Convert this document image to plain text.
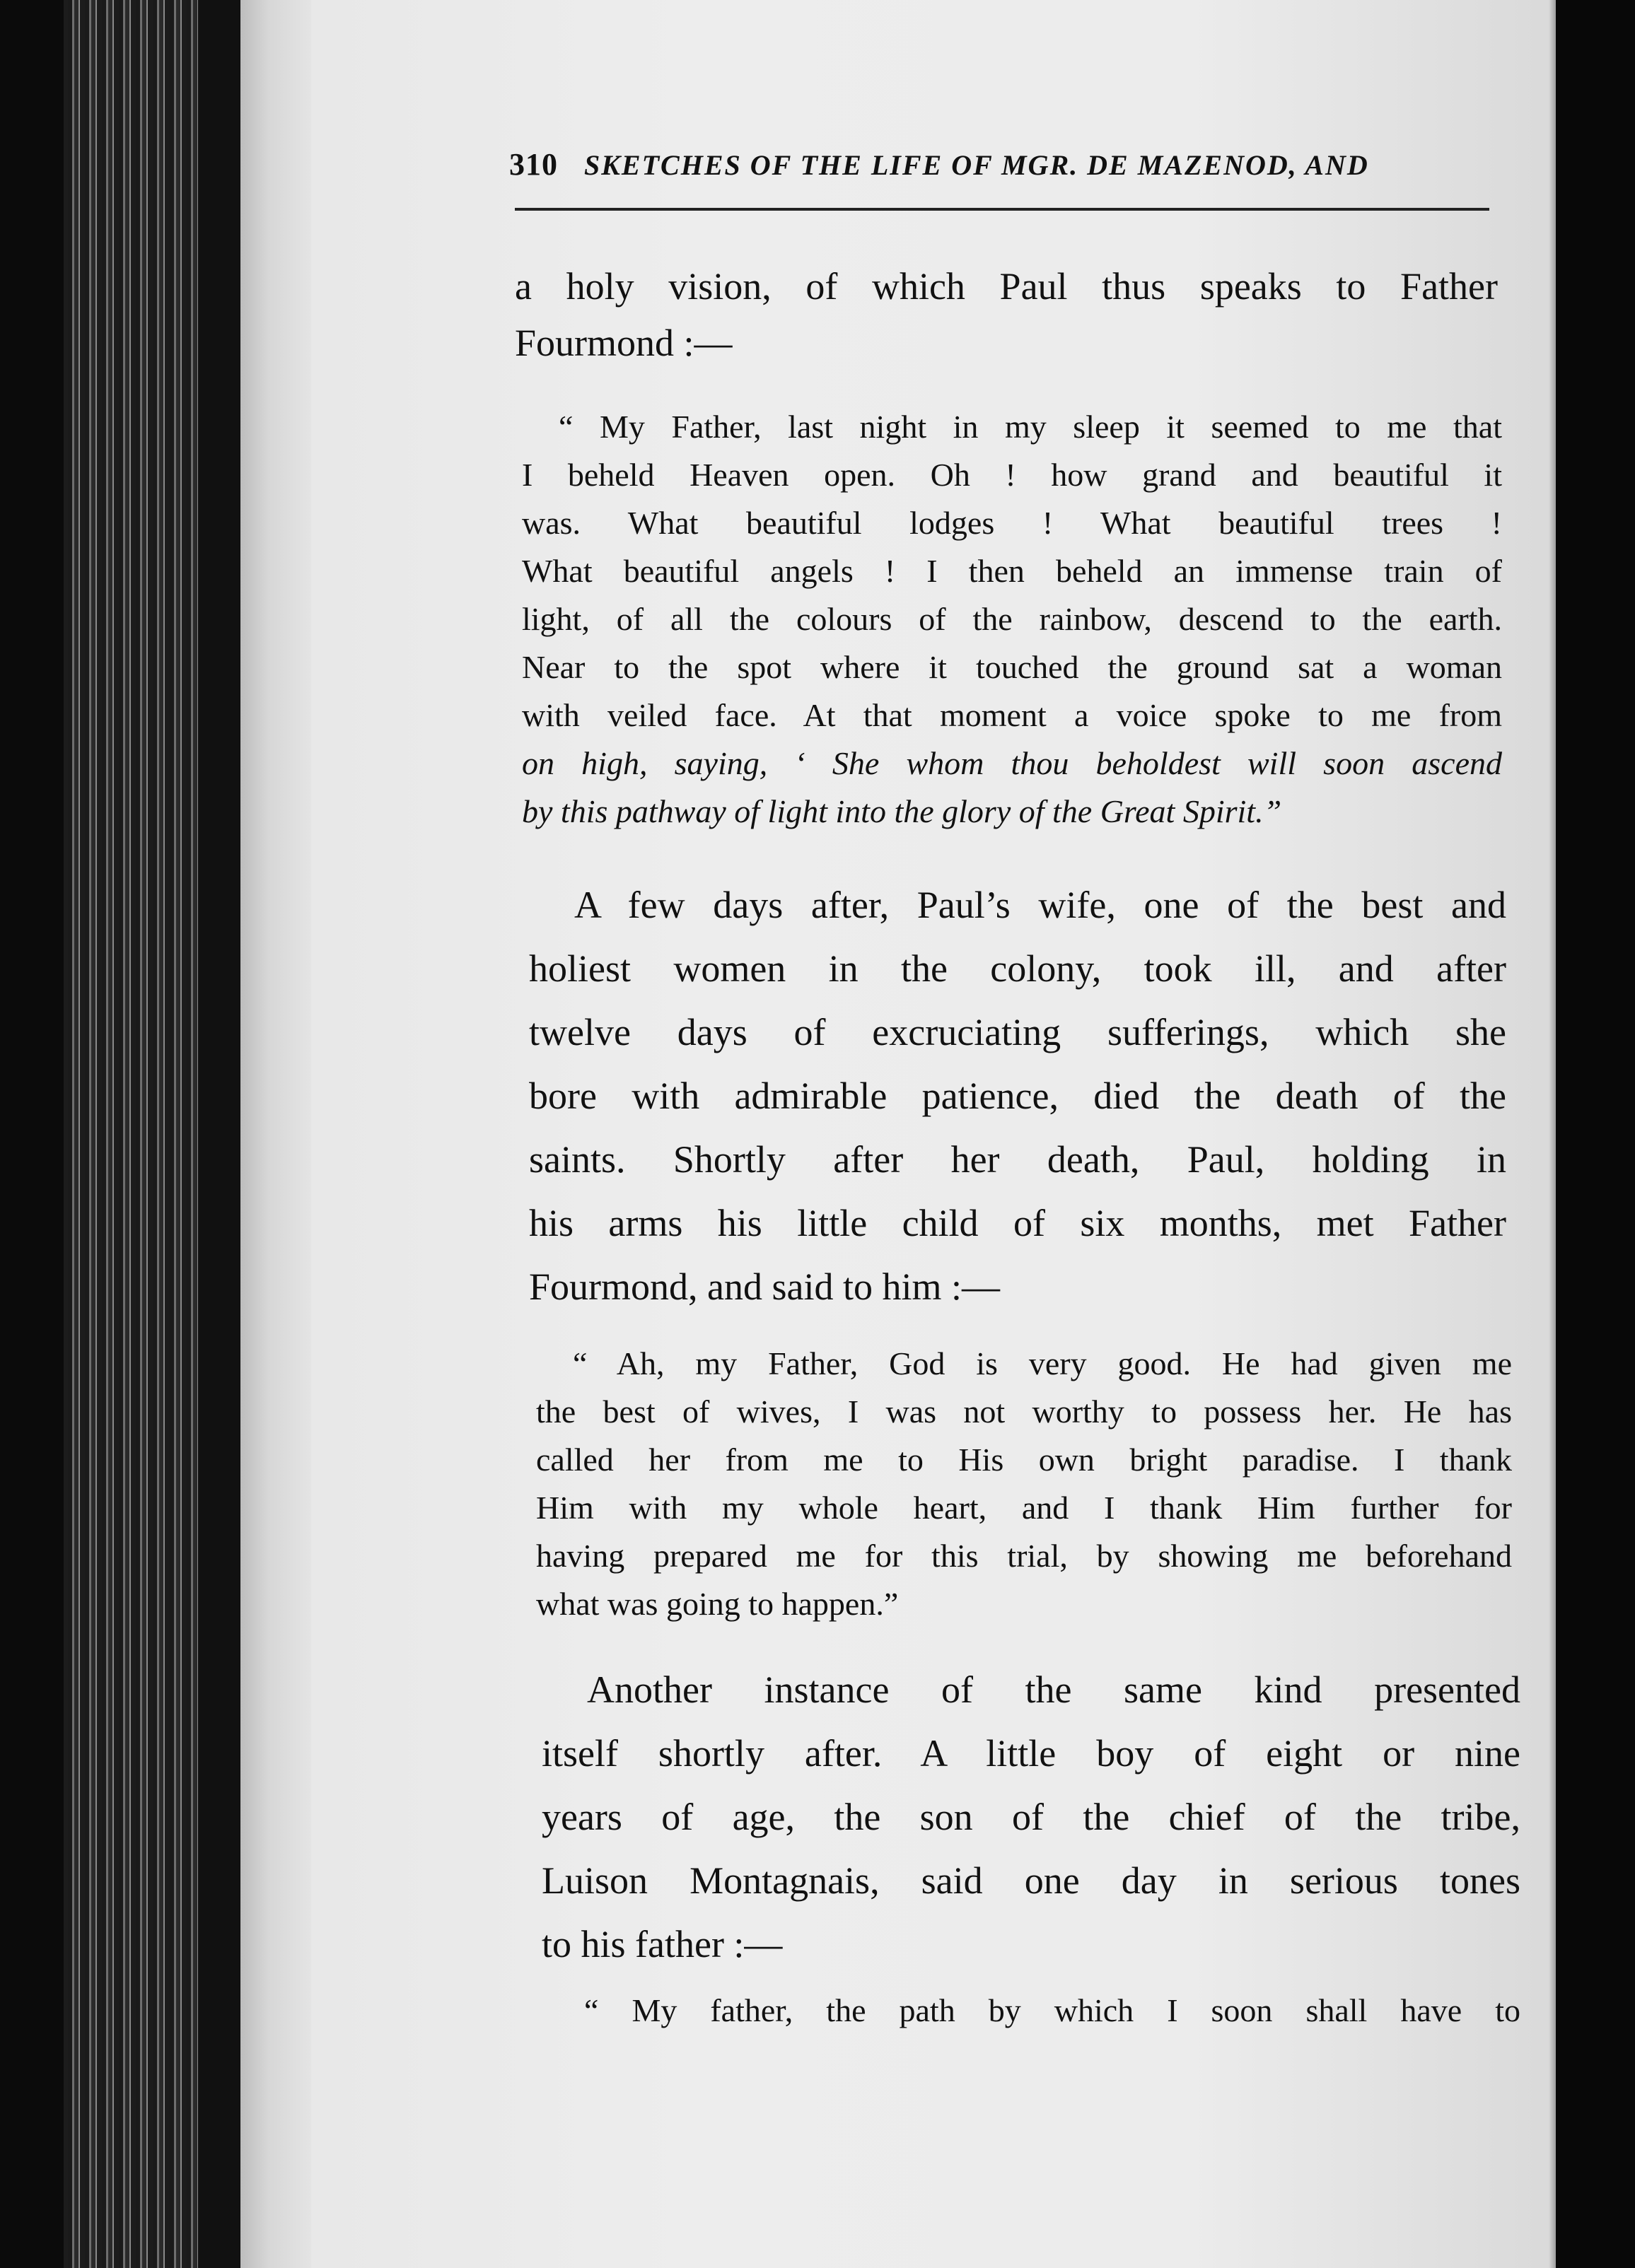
310 SKETCHES OF THE LIFE OF MGR. DE MAZENOD, AND
a holy vision, of which Paul thus speaks to Father
Fourmond :—
“ My Father, last night in my sleep it seemed to me that
I beheld Heaven open. Oh ! how grand and beautiful it
was. What beautiful lodges ! What beautiful trees !
What beautiful angels ! I then beheld an immense train of
light, of all the colours of the rainbow, descend to the earth.
Near to the spot where it touched the ground sat a woman
with veiled face. At that moment a voice spoke to me from
on high, saying, ‘ She whom thou beholdest will soon ascend
by this pathway of light into the glory of the Great Spirit.”
A few days after, Paul’s wife, one of the best and
holiest women in the colony, took ill, and after
twelve days of excruciating sufferings, which she
bore with admirable patience, died the death of the
saints. Shortly after her death, Paul, holding in
his arms his little child of six months, met Father
Fourmond, and said to him :—
“ Ah, my Father, God is very good. He had given me
the best of wives, I was not worthy to possess her. He has
called her from me to His own bright paradise. I thank
Him with my whole heart, and I thank Him further for
having prepared me for this trial, by showing me beforehand
what was going to happen.”
Another instance of the same kind presented
itself shortly after. A little boy of eight or nine
years of age, the son of the chief of the tribe,
Luison Montagnais, said one day in serious tones
to his father :—
“ My father, the path by which I soon shall have to
